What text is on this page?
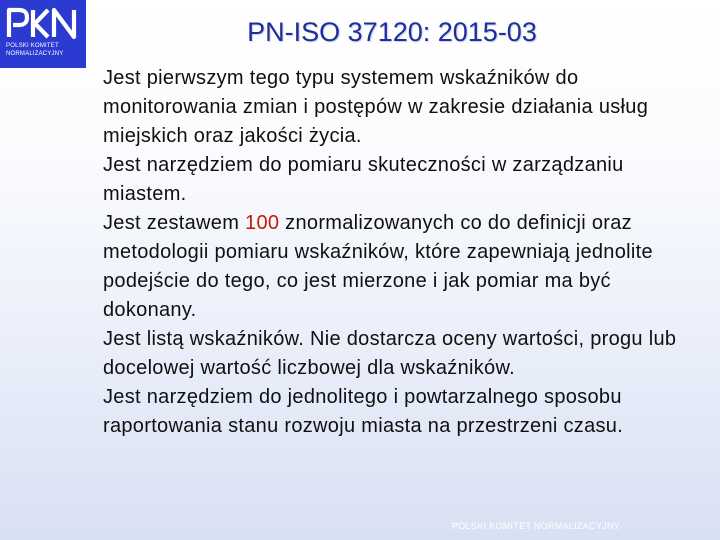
POLSKI KOMITET
NORMALIZACYJNY
PN-ISO 37120: 2015-03

Jest pierwszym tego typu systemem wskaźników do monitorowania zmian i postępów w zakresie działania usług miejskich oraz jakości życia.

Jest narzędziem do pomiaru skuteczności w zarządzaniu miastem.

Jest zestawem 100 znormalizowanych co do definicji oraz metodologii pomiaru wskaźników, które zapewniają jednolite podejście do tego, co jest mierzone i jak pomiar ma być dokonany.

Jest listą wskaźników. Nie dostarcza oceny wartości, progu lub docelowej wartość liczbowej dla wskaźników.

Jest narzędziem do jednolitego i powtarzalnego sposobu raportowania stanu rozwoju miasta na przestrzeni czasu.

POLSKI KOMITET NORMALIZACYJNY
